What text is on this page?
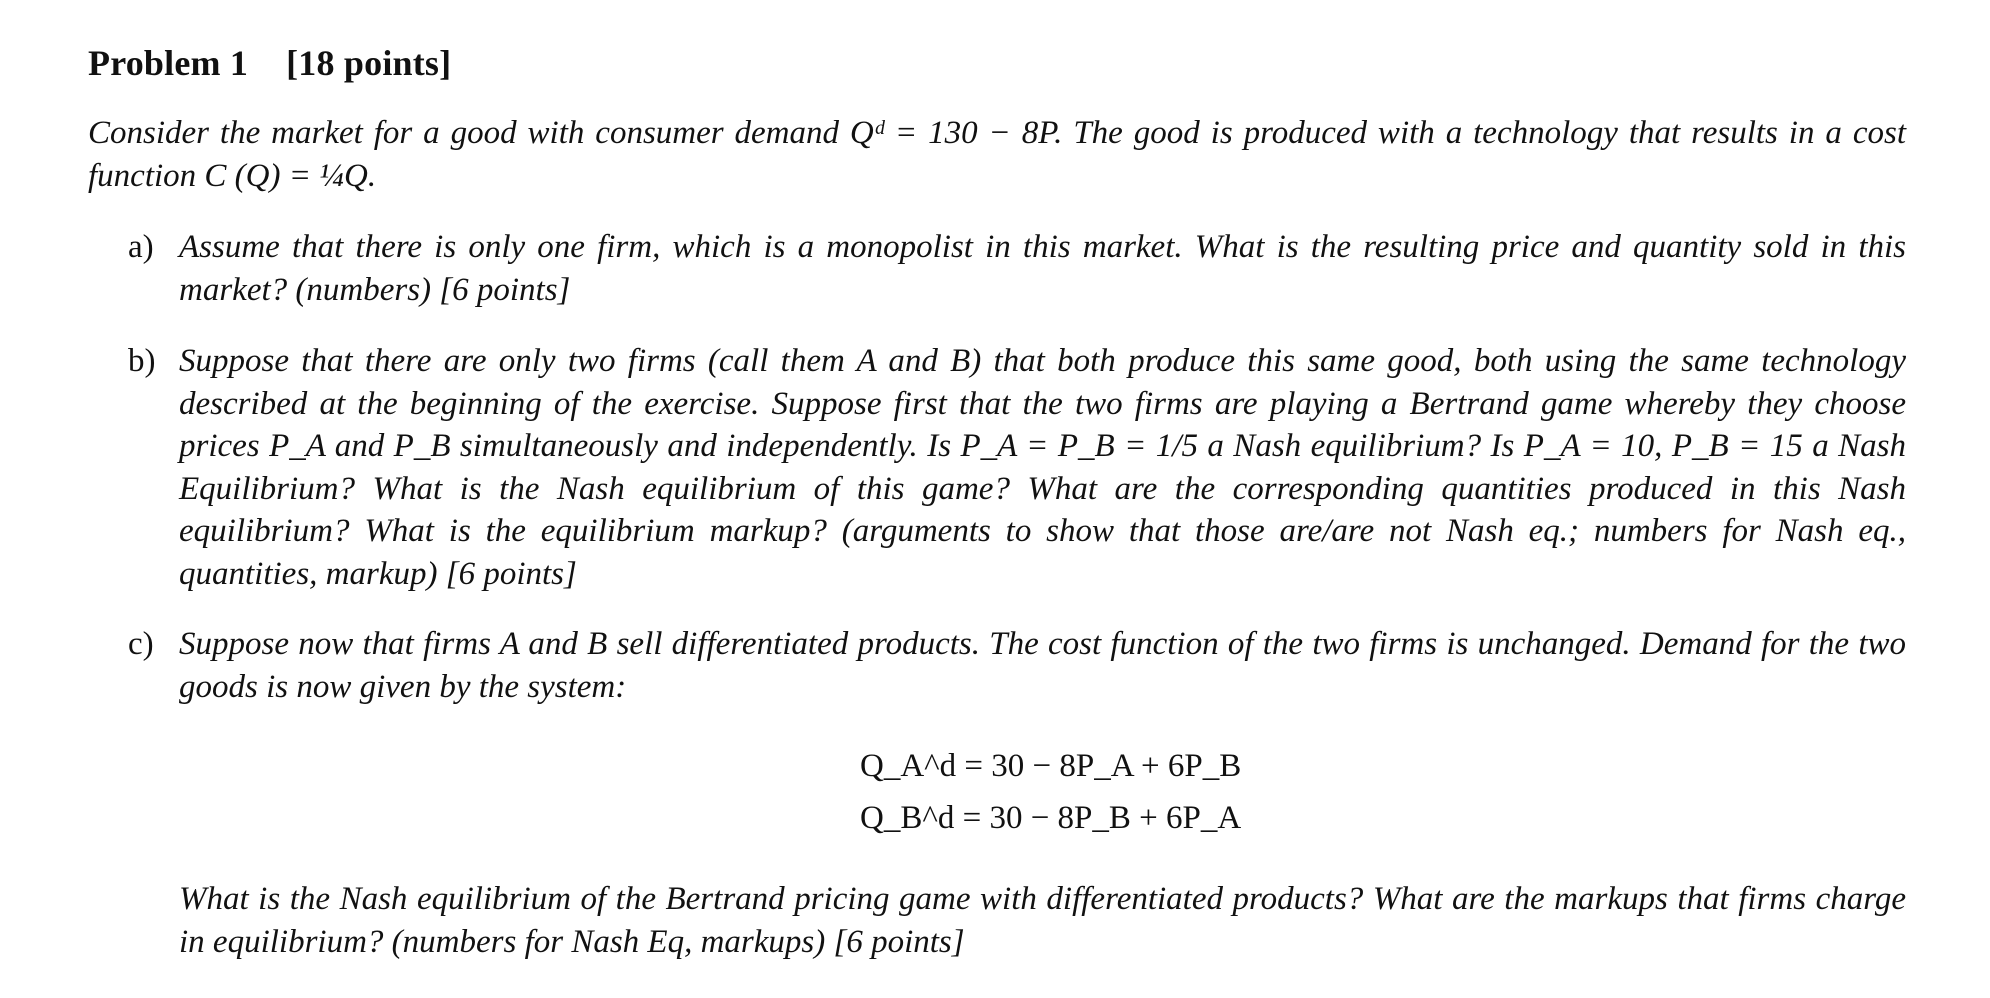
Problem 1 [18 points]
Consider the market for a good with consumer demand Qᵈ = 130 − 8P. The good is produced with a technology that results in a cost function C (Q) = ¼Q.
a) Assume that there is only one firm, which is a monopolist in this market. What is the resulting price and quantity sold in this market? (numbers) [6 points]
b) Suppose that there are only two firms (call them A and B) that both produce this same good, both using the same technology described at the beginning of the exercise. Suppose first that the two firms are playing a Bertrand game whereby they choose prices P_A and P_B simultaneously and independently. Is P_A = P_B = 1/5 a Nash equilibrium? Is P_A = 10, P_B = 15 a Nash Equilibrium? What is the Nash equilibrium of this game? What are the corresponding quantities produced in this Nash equilibrium? What is the equilibrium markup? (arguments to show that those are/are not Nash eq.; numbers for Nash eq., quantities, markup) [6 points]
c) Suppose now that firms A and B sell differentiated products. The cost function of the two firms is unchanged. Demand for the two goods is now given by the system:
Q_A^d = 30 − 8P_A + 6P_B
Q_B^d = 30 − 8P_B + 6P_A
What is the Nash equilibrium of the Bertrand pricing game with differentiated products? What are the markups that firms charge in equilibrium? (numbers for Nash Eq, markups) [6 points]
